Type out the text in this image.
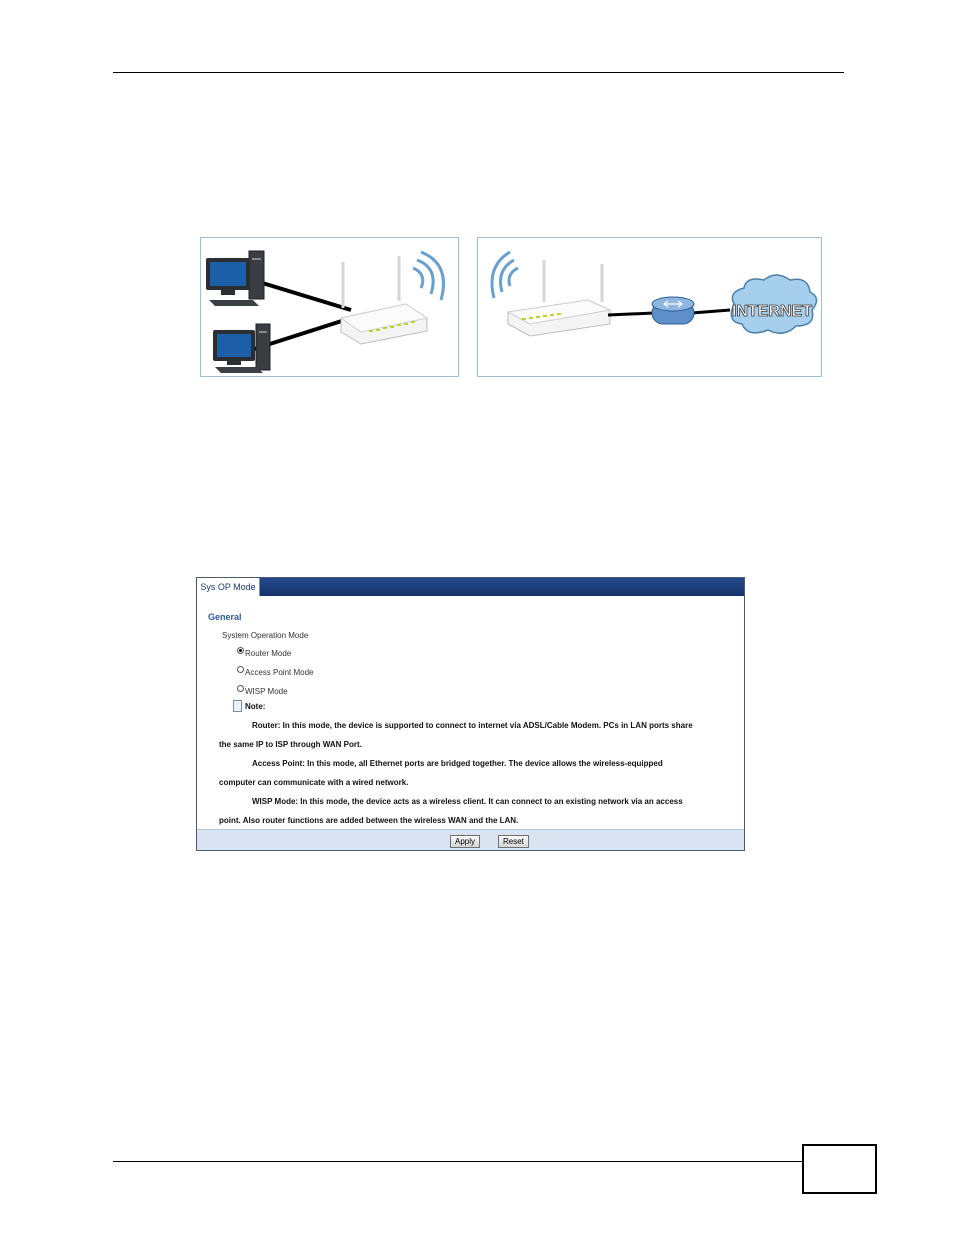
INTERNET
Sys OP Mode
General
System Operation Mode
Router Mode
Access Point Mode
WISP Mode
Note:
Router: In this mode, the device is supported to connect to internet via ADSL/Cable Modem. PCs in LAN ports share
the same IP to ISP through WAN Port.
Access Point: In this mode, all Ethernet ports are bridged together. The device allows the wireless-equipped
computer can communicate with a wired network.
WISP Mode: In this mode, the device acts as a wireless client. It can connect to an existing network via an access
point. Also router functions are added between the wireless WAN and the LAN.
Apply	Reset
